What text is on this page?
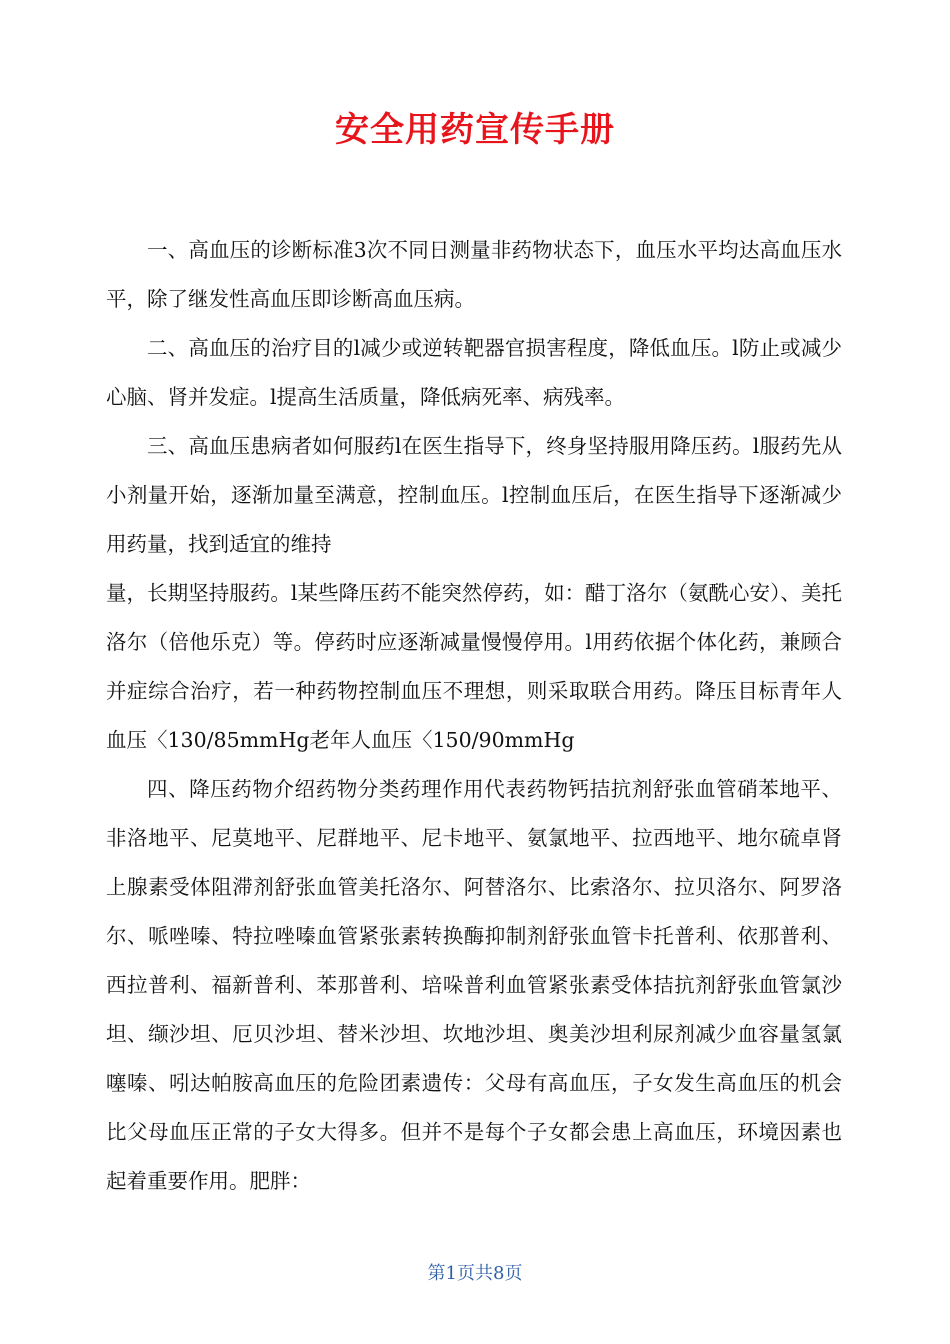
安全用药宣传手册

一、高血压的诊断标准3次不同日测量非药物状态下，血压水平均达高血压水平，除了继发性高血压即诊断高血压病。

二、高血压的治疗目的l减少或逆转靶器官损害程度，降低血压。l防止或减少心脑、肾并发症。l提高生活质量，降低病死率、病残率。

三、高血压患病者如何服药l在医生指导下，终身坚持服用降压药。l服药先从小剂量开始，逐渐加量至满意，控制血压。l控制血压后，在医生指导下逐渐减少用药量，找到适宜的维持

量，长期坚持服药。l某些降压药不能突然停药，如：醋丁洛尔（氨酰心安）、美托洛尔（倍他乐克）等。停药时应逐渐减量慢慢停用。l用药依据个体化药，兼顾合并症综合治疗，若一种药物控制血压不理想，则采取联合用药。降压目标青年人血压〈130/85mmHg老年人血压〈150/90mmHg

四、降压药物介绍药物分类药理作用代表药物钙拮抗剂舒张血管硝苯地平、非洛地平、尼莫地平、尼群地平、尼卡地平、氨氯地平、拉西地平、地尔硫卓肾上腺素受体阻滞剂舒张血管美托洛尔、阿替洛尔、比索洛尔、拉贝洛尔、阿罗洛尔、哌唑嗪、特拉唑嗪血管紧张素转换酶抑制剂舒张血管卡托普利、依那普利、西拉普利、福新普利、苯那普利、培哚普利血管紧张素受体拮抗剂舒张血管氯沙坦、缬沙坦、厄贝沙坦、替米沙坦、坎地沙坦、奥美沙坦利尿剂减少血容量氢氯噻嗪、吲达帕胺高血压的危险团素遗传：父母有高血压，子女发生高血压的机会比父母血压正常的子女大得多。但并不是每个子女都会患上高血压，环境因素也起着重要作用。肥胖：

第1页共8页
